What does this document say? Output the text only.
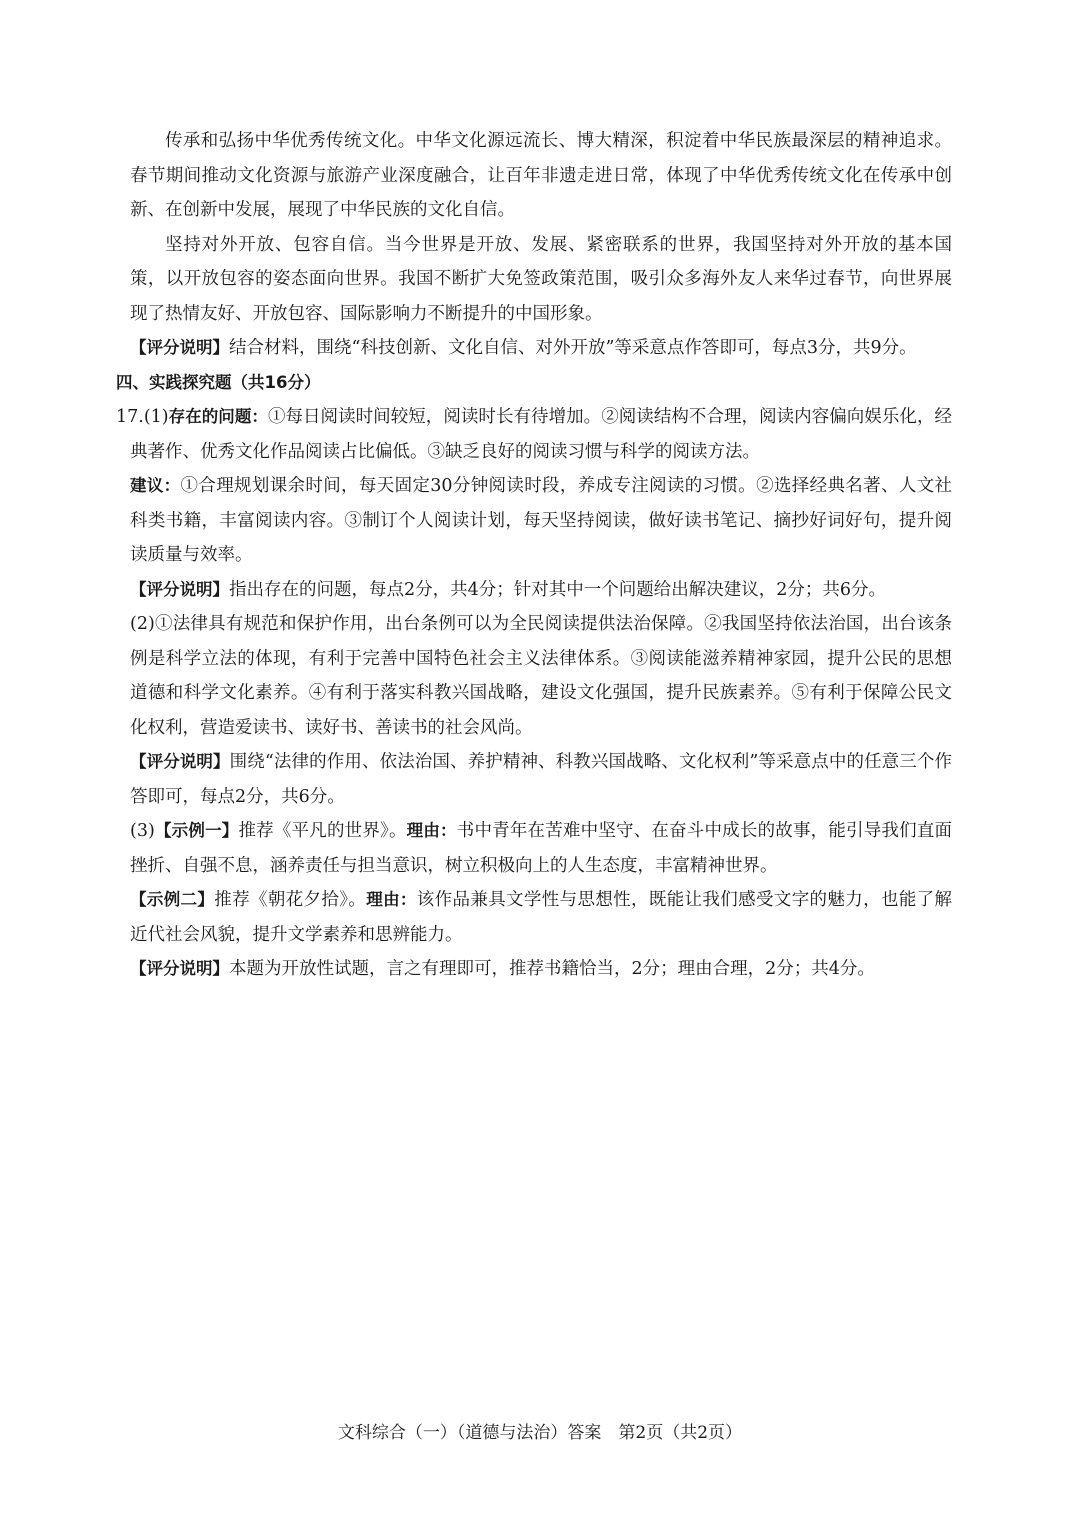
传承和弘扬中华优秀传统文化。中华文化源远流长、博大精深，积淀着中华民族最深层的精神追求。春节期间推动文化资源与旅游产业深度融合，让百年非遗走进日常，体现了中华优秀传统文化在传承中创新、在创新中发展，展现了中华民族的文化自信。

坚持对外开放、包容自信。当今世界是开放、发展、紧密联系的世界，我国坚持对外开放的基本国策，以开放包容的姿态面向世界。我国不断扩大免签政策范围，吸引众多海外友人来华过春节，向世界展现了热情友好、开放包容、国际影响力不断提升的中国形象。

【评分说明】结合材料，围绕“科技创新、文化自信、对外开放”等采意点作答即可，每点3分，共9分。

四、实践探究题（共16分）

17.(1)存在的问题：①每日阅读时间较短，阅读时长有待增加。②阅读结构不合理，阅读内容偏向娱乐化，经典著作、优秀文化作品阅读占比偏低。③缺乏良好的阅读习惯与科学的阅读方法。

建议：①合理规划课余时间，每天固定30分钟阅读时段，养成专注阅读的习惯。②选择经典名著、人文社科类书籍，丰富阅读内容。③制订个人阅读计划，每天坚持阅读，做好读书笔记、摘抄好词好句，提升阅读质量与效率。

【评分说明】指出存在的问题，每点2分，共4分；针对其中一个问题给出解决建议，2分；共6分。

(2)①法律具有规范和保护作用，出台条例可以为全民阅读提供法治保障。②我国坚持依法治国，出台该条例是科学立法的体现，有利于完善中国特色社会主义法律体系。③阅读能滋养精神家园，提升公民的思想道德和科学文化素养。④有利于落实科教兴国战略，建设文化强国，提升民族素养。⑤有利于保障公民文化权利，营造爱读书、读好书、善读书的社会风尚。

【评分说明】围绕“法律的作用、依法治国、养护精神、科教兴国战略、文化权利”等采意点中的任意三个作答即可，每点2分，共6分。

(3)【示例一】推荐《平凡的世界》。理由：书中青年在苦难中坚守、在奋斗中成长的故事，能引导我们直面挫折、自强不息，涵养责任与担当意识，树立积极向上的人生态度，丰富精神世界。

【示例二】推荐《朝花夕拾》。理由：该作品兼具文学性与思想性，既能让我们感受文字的魅力，也能了解近代社会风貌，提升文学素养和思辨能力。

【评分说明】本题为开放性试题，言之有理即可，推荐书籍恰当，2分；理由合理，2分；共4分。

文科综合（一）（道德与法治）答案　第2页（共2页）
